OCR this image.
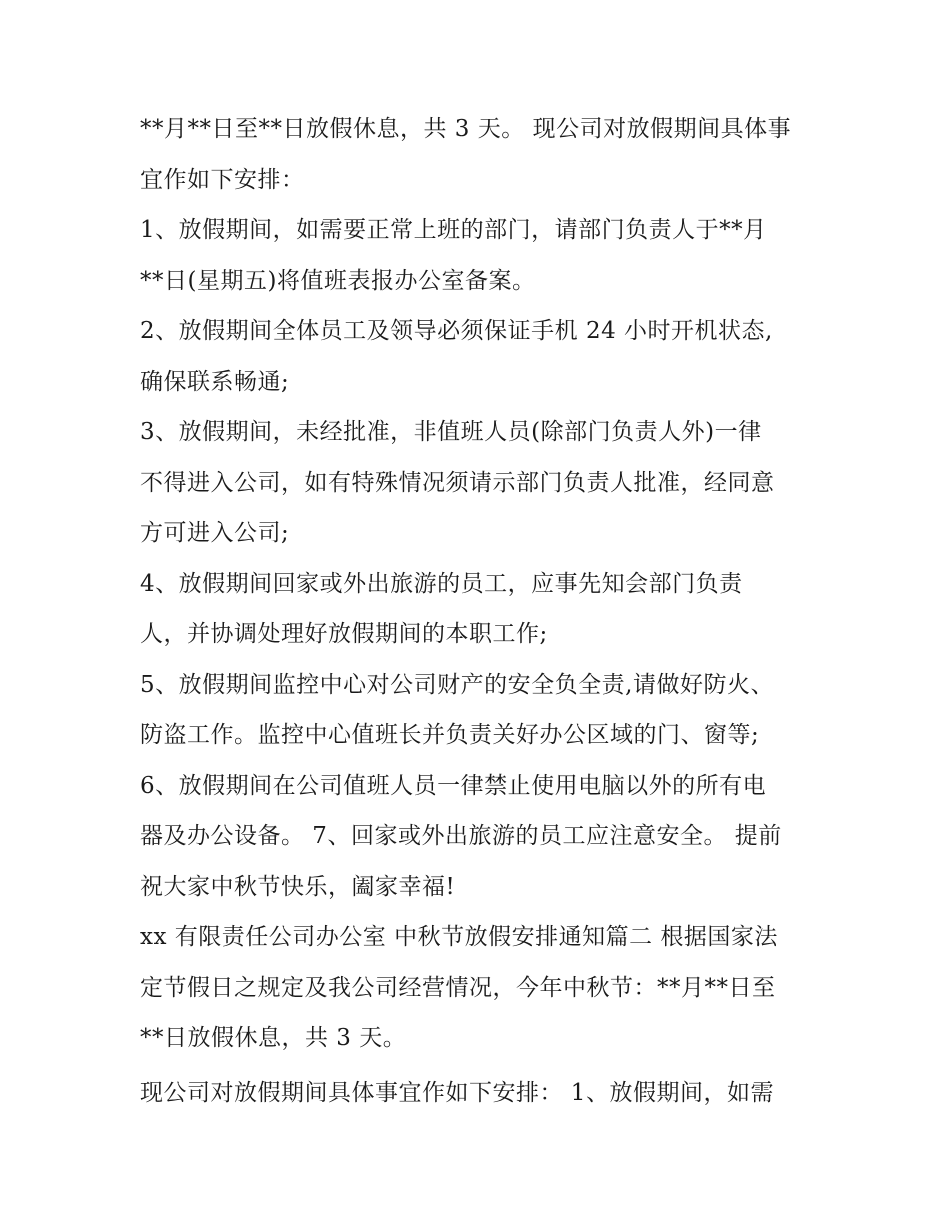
**月**日至**日放假休息，共 3 天。 现公司对放假期间具体事
宜作如下安排：
1、放假期间，如需要正常上班的部门，请部门负责人于**月
**日(星期五)将值班表报办公室备案。
2、放假期间全体员工及领导必须保证手机 24 小时开机状态,
确保联系畅通;
3、放假期间，未经批准，非值班人员(除部门负责人外)一律
不得进入公司，如有特殊情况须请示部门负责人批准，经同意
方可进入公司;
4、放假期间回家或外出旅游的员工，应事先知会部门负责
人，并协调处理好放假期间的本职工作;
5、放假期间监控中心对公司财产的安全负全责,请做好防火、
防盗工作。监控中心值班长并负责关好办公区域的门、窗等;
6、放假期间在公司值班人员一律禁止使用电脑以外的所有电
器及办公设备。 7、回家或外出旅游的员工应注意安全。 提前
祝大家中秋节快乐，阖家幸福!
xx 有限责任公司办公室 中秋节放假安排通知篇二 根据国家法
定节假日之规定及我公司经营情况，今年中秋节：**月**日至
**日放假休息，共 3 天。
现公司对放假期间具体事宜作如下安排： 1、放假期间，如需
